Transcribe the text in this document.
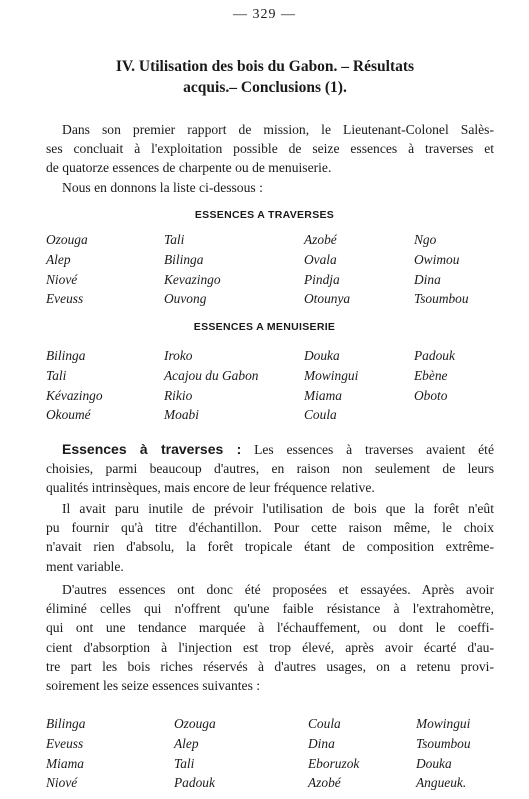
— 329 —
IV. Utilisation des bois du Gabon. – Résultats
acquis.– Conclusions (1).
Dans son premier rapport de mission, le Lieutenant-Colonel Salès-
ses concluait à l'exploitation possible de seize essences à traverses et
de quatorze essences de charpente ou de menuiserie.
Nous en donnons la liste ci-dessous :
ESSENCES A TRAVERSES
Ozouga	Tali	Azobé	Ngo
Alep	Bilinga	Ovala	Owimou
Niové	Kevazingo	Pindja	Dina
Eveuss	Ouvong	Otounya	Tsoumbou
ESSENCES A MENUISERIE
Bilinga	Iroko	Douka	Padouk
Tali	Acajou du Gabon	Mowingui	Ebène
Kévazingo	Rikio	Miama	Oboto
Okoumé	Moabi	Coula
Essences à traverses : Les essences à traverses avaient été
choisies, parmi beaucoup d'autres, en raison non seulement de leurs
qualités intrinsèques, mais encore de leur fréquence relative.
Il avait paru inutile de prévoir l'utilisation de bois que la forêt n'eût
pu fournir qu'à titre d'échantillon. Pour cette raison même, le choix
n'avait rien d'absolu, la forêt tropicale étant de composition extrême-
ment variable.
D'autres essences ont donc été proposées et essayées. Après avoir
éliminé celles qui n'offrent qu'une faible résistance à l'extrahomètre,
qui ont une tendance marquée à l'échauffement, ou dont le coeffi-
cient d'absorption à l'injection est trop élevé, après avoir écarté d'au-
tre part les bois riches réservés à d'autres usages, on a retenu provi-
soirement les seize essences suivantes :
Bilinga	Ozouga	Coula	Mowingui
Eveuss	Alep	Dina	Tsoumbou
Miama	Tali	Eboruzok	Douka
Niové	Padouk	Azobé	Angueuk.
